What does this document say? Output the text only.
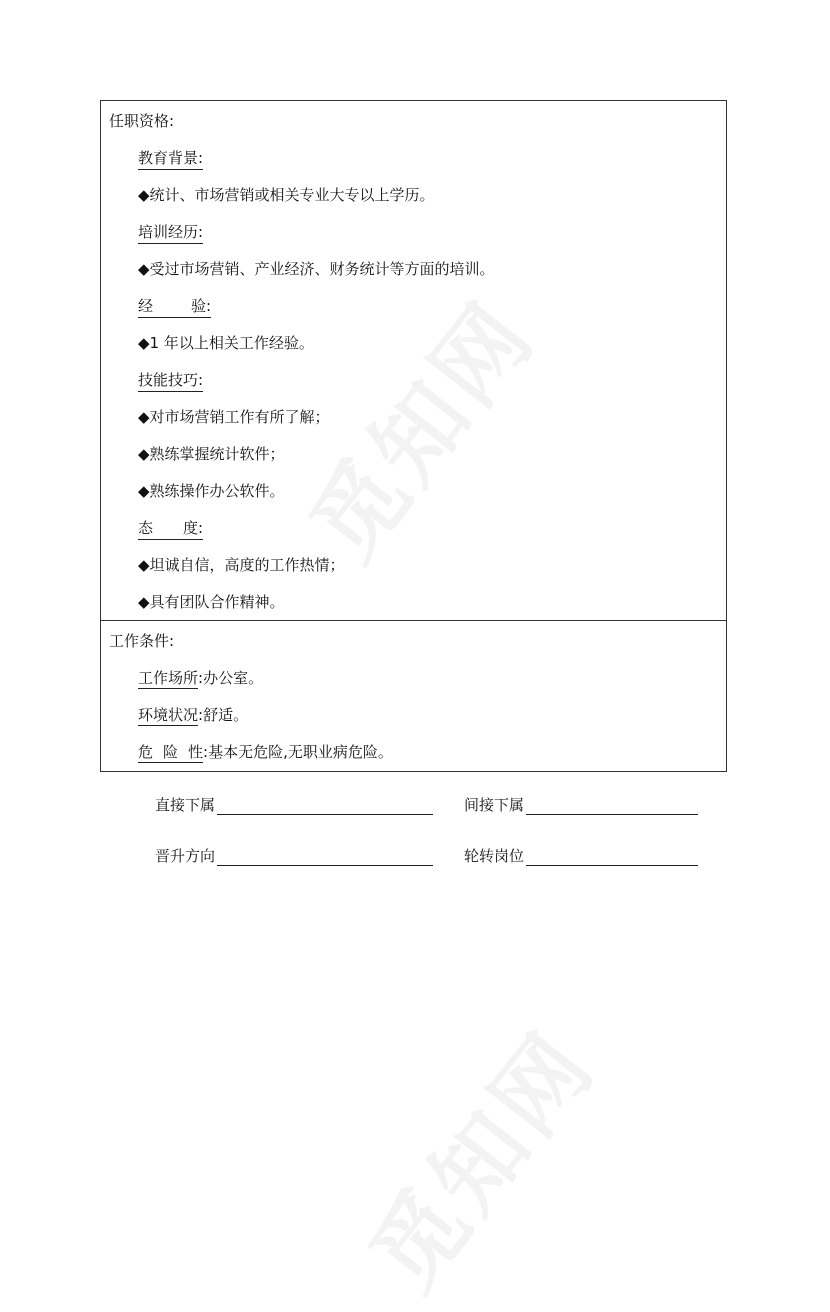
任职资格:
教育背景:
◆统计、市场营销或相关专业大专以上学历。
培训经历:
◆受过市场营销、产业经济、财务统计等方面的培训。
经	验:
◆1 年以上相关工作经验。
技能技巧:
◆对市场营销工作有所了解；
◆熟练掌握统计软件；
◆熟练操作办公软件。
态 度:
◆坦诚自信，高度的工作热情；
◆具有团队合作精神。
工作条件:
工作场所:办公室。
环境状况:舒适。
危 险 性:基本无危险,无职业病危险。
直接下属	间接下属
晋升方向	轮转岗位
